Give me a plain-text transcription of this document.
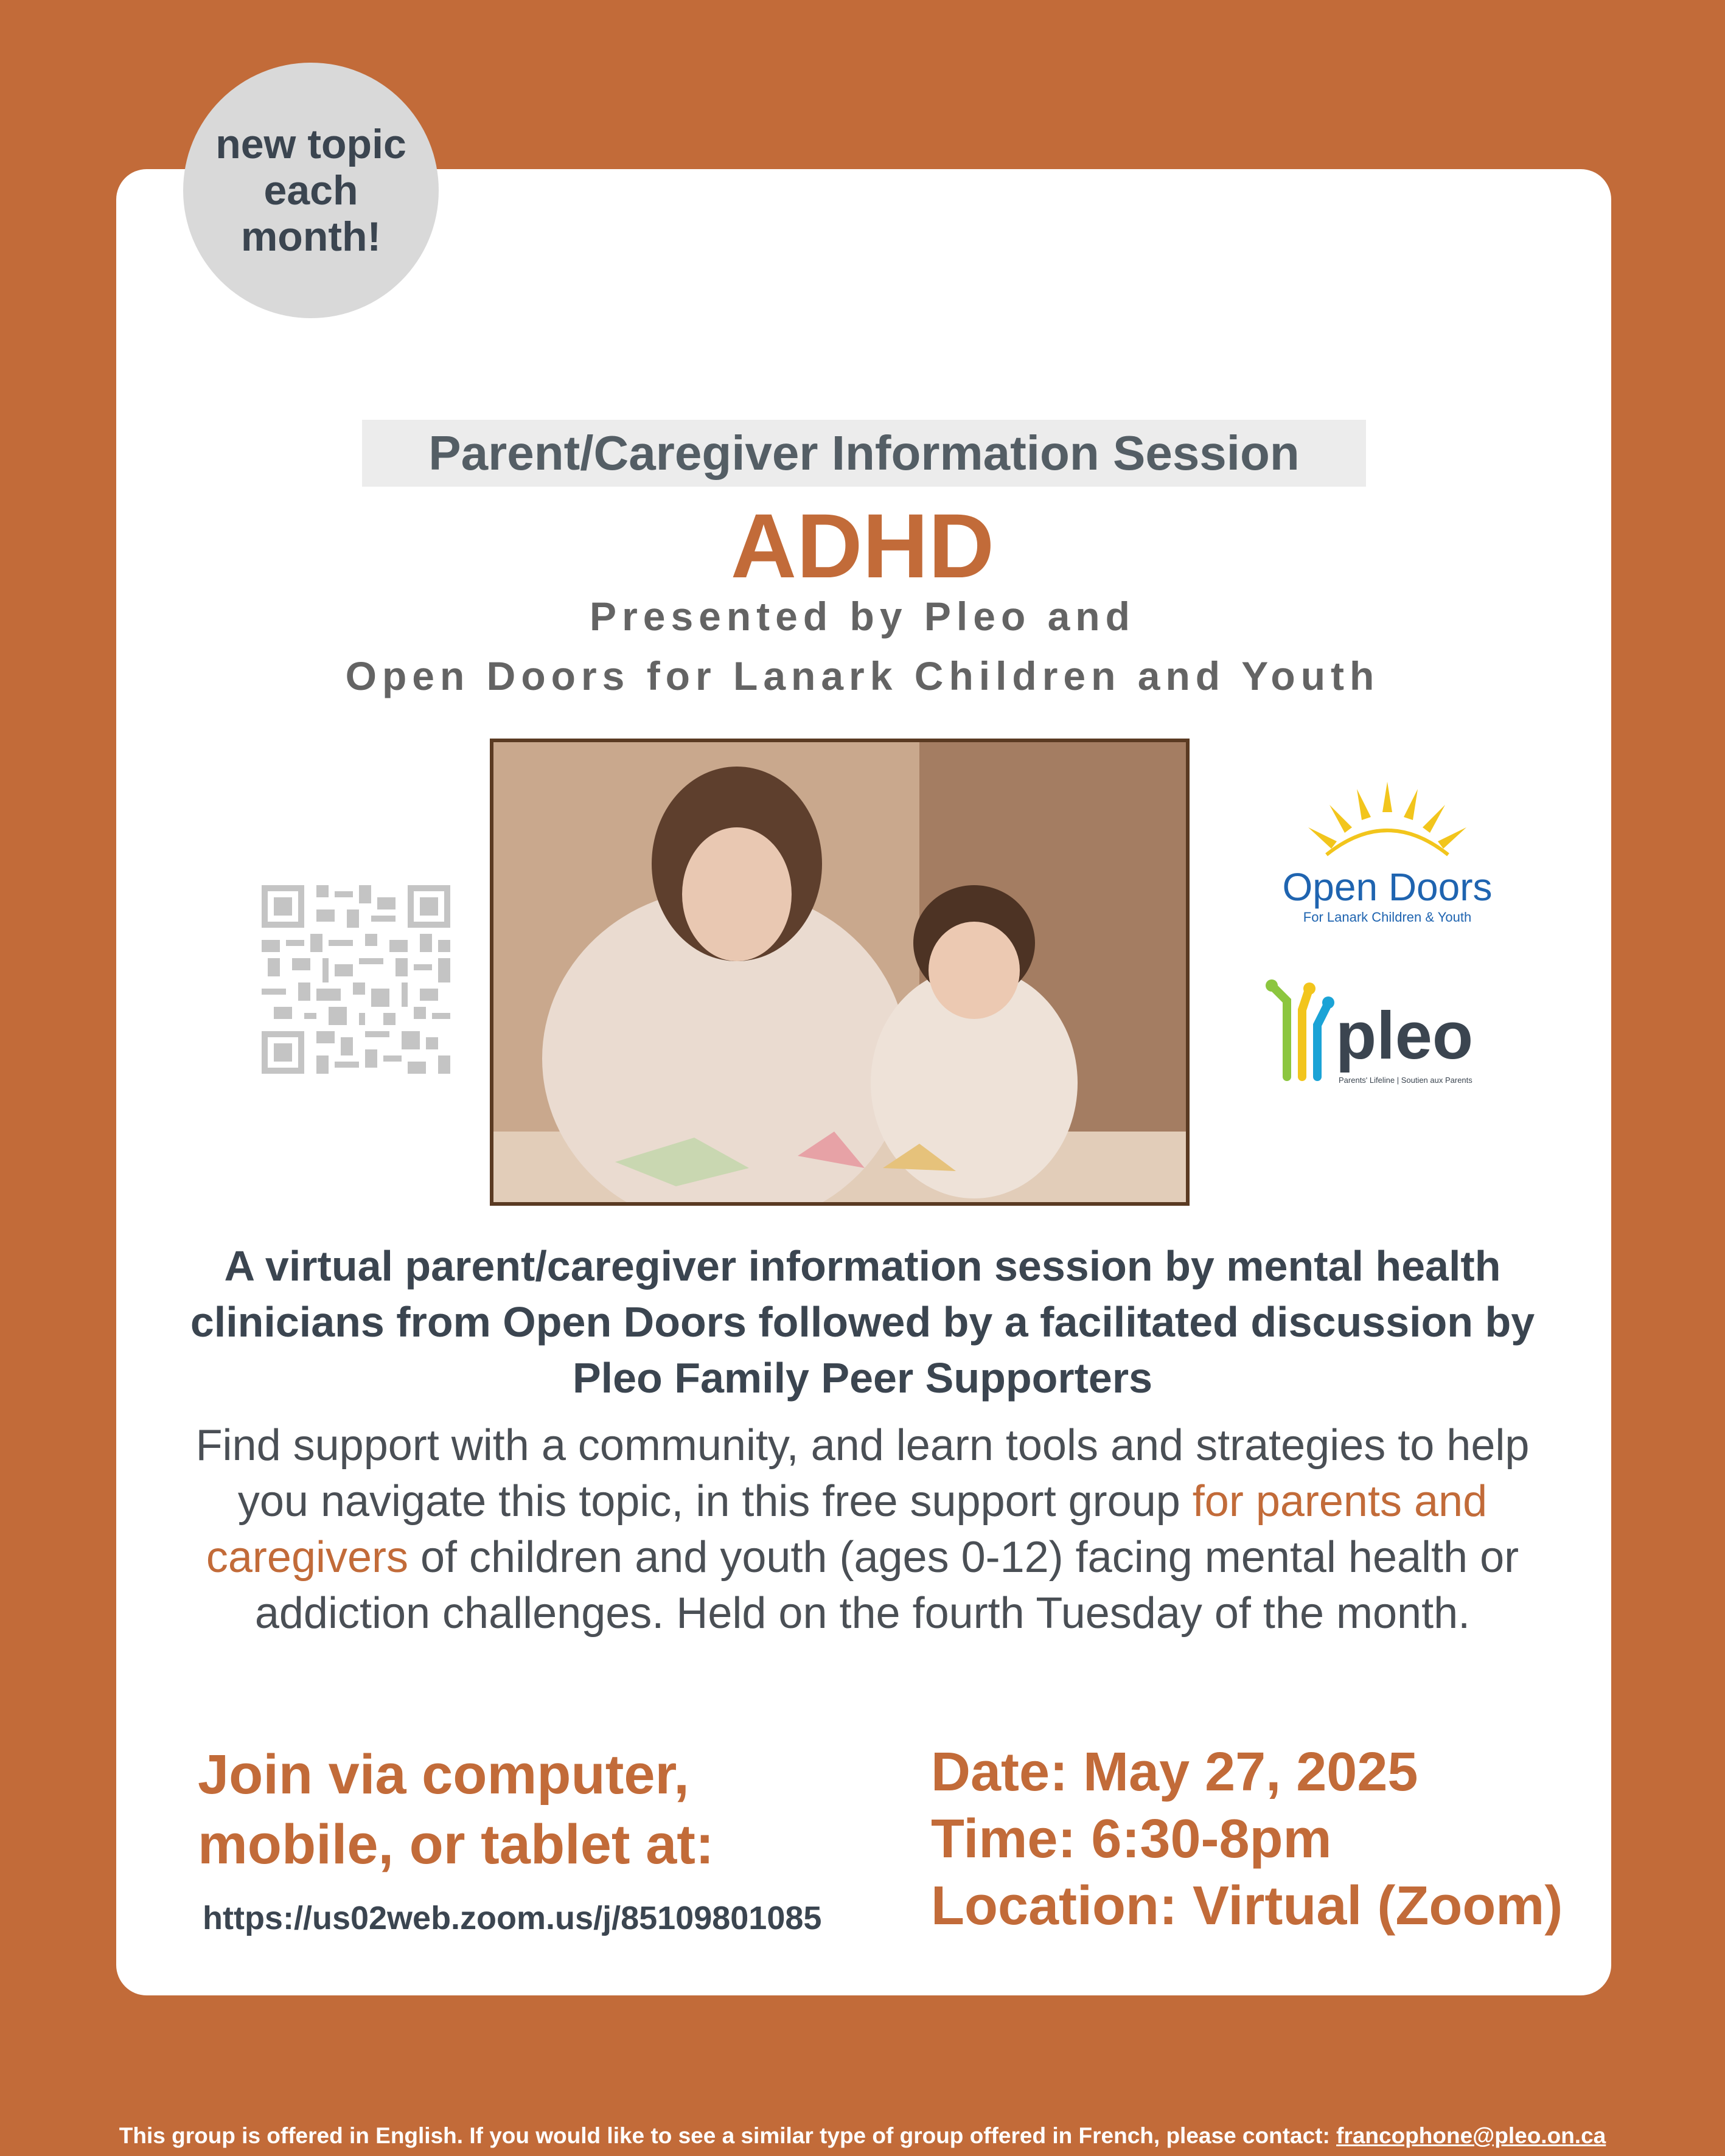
new topic
each
month!
Parent/Caregiver Information Session
ADHD
Presented by Pleo and
Open Doors for Lanark Children and Youth
Open Doors
For Lanark Children & Youth
pleo
Parents' Lifeline | Soutien aux Parents
A virtual parent/caregiver information session by mental health clinicians from Open Doors followed by a facilitated discussion by Pleo Family Peer Supporters
Find support with a community, and learn tools and strategies to help you navigate this topic, in this free support group for parents and caregivers of children and youth (ages 0-12) facing mental health or addiction challenges. Held on the fourth Tuesday of the month.
Join via computer,
mobile, or tablet at:
https://us02web.zoom.us/j/85109801085
Date: May 27, 2025
Time: 6:30-8pm
Location: Virtual (Zoom)
This group is offered in English. If you would like to see a similar type of group offered in French, please contact: francophone@pleo.on.ca
